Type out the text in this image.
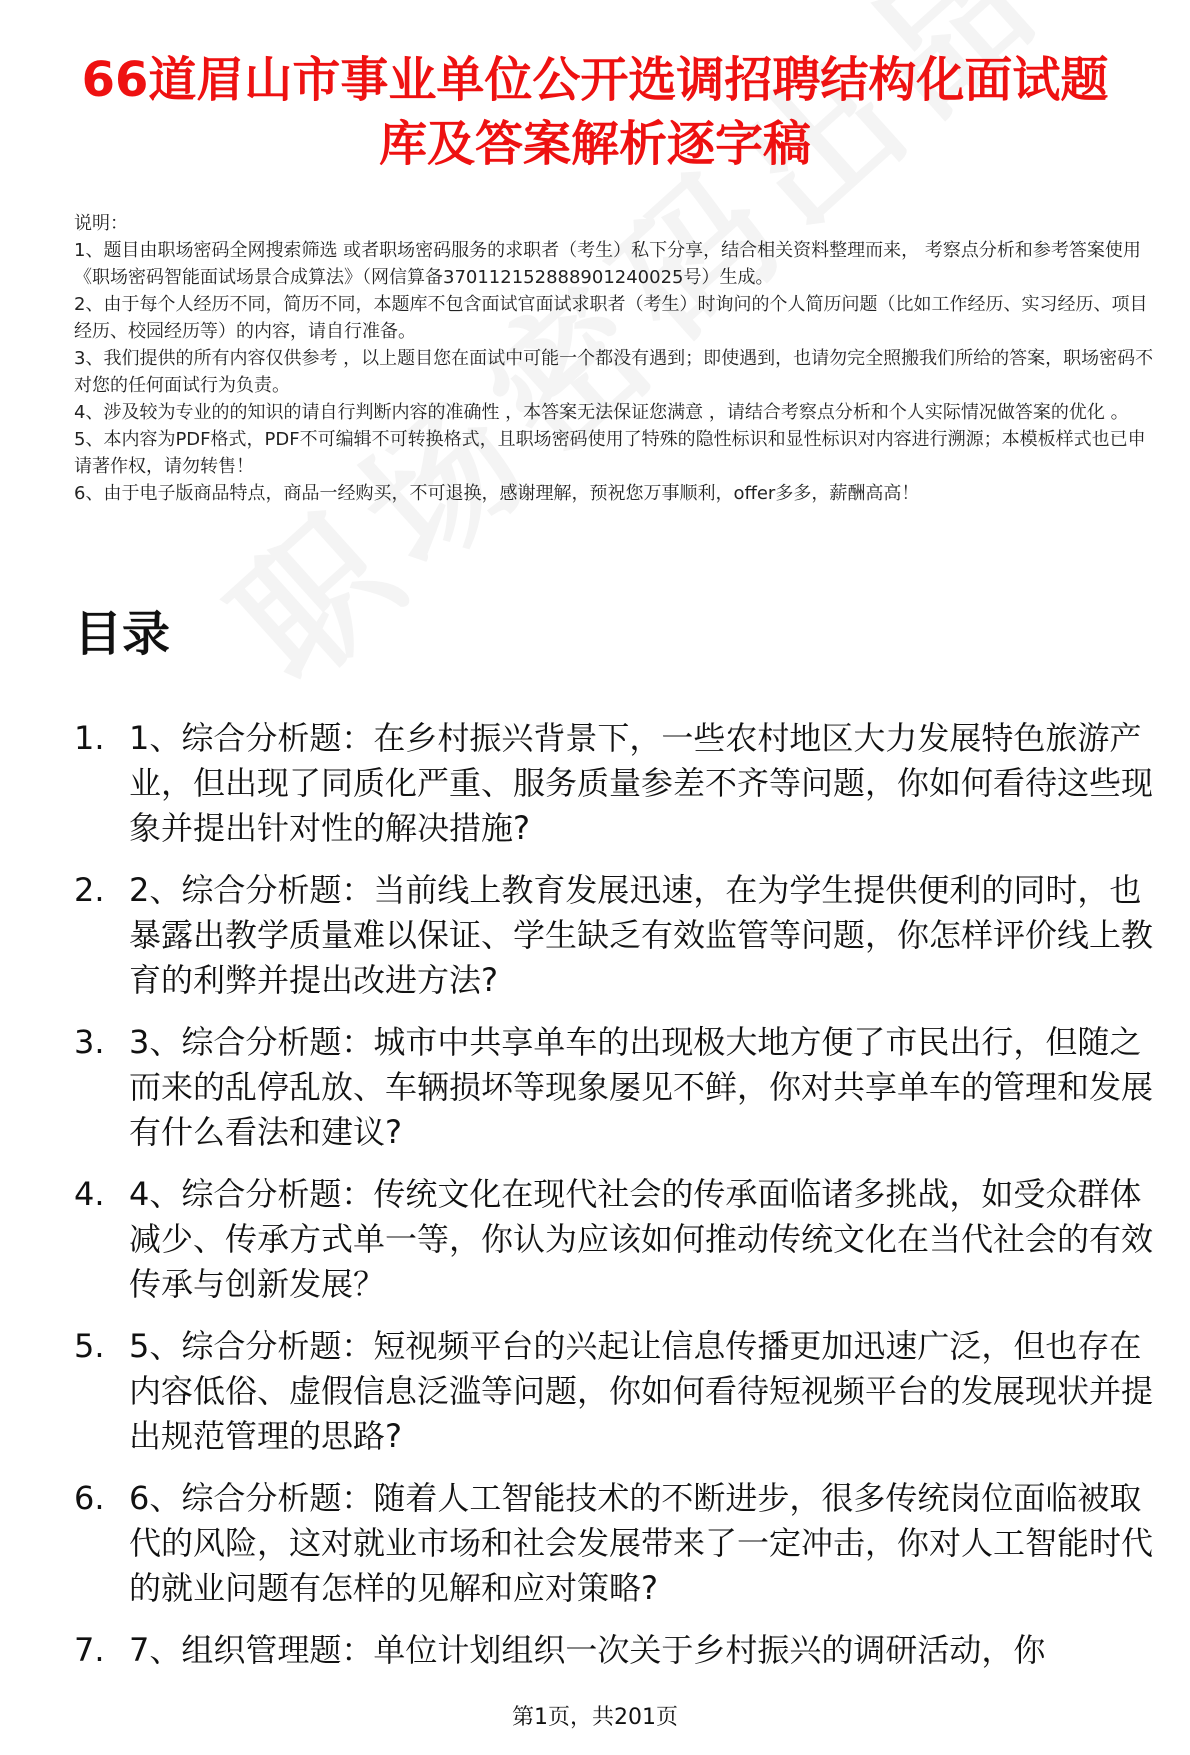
66道眉山市事业单位公开选调招聘结构化面试题库及答案解析逐字稿

说明：

1、题目由职场密码全网搜索筛选 或者职场密码服务的求职者（考生）私下分享，结合相关资料整理而来， 考察点分析和参考答案使用《职场密码智能面试场景合成算法》（网信算备370112152888901240025号）生成。

2、由于每个人经历不同，简历不同，本题库不包含面试官面试求职者（考生）时询问的个人简历问题（比如工作经历、实习经历、项目经历、校园经历等）的内容，请自行准备。

3、我们提供的所有内容仅供参考 ，以上题目您在面试中可能一个都没有遇到；即使遇到，也请勿完全照搬我们所给的答案，职场密码不对您的任何面试行为负责。

4、涉及较为专业的的知识的请自行判断内容的准确性 ，本答案无法保证您满意 ，请结合考察点分析和个人实际情况做答案的优化 。

5、本内容为PDF格式，PDF不可编辑不可转换格式，且职场密码使用了特殊的隐性标识和显性标识对内容进行溯源；本模板样式也已申请著作权，请勿转售！

6、由于电子版商品特点，商品一经购买，不可退换，感谢理解，预祝您万事顺利，offer多多，薪酬高高！

目录
1. 1、综合分析题：在乡村振兴背景下，一些农村地区大力发展特色旅游产业，但出现了同质化严重、服务质量参差不齐等问题，你如何看待这些现象并提出针对性的解决措施?
2. 2、综合分析题：当前线上教育发展迅速，在为学生提供便利的同时，也暴露出教学质量难以保证、学生缺乏有效监管等问题，你怎样评价线上教育的利弊并提出改进方法?
3. 3、综合分析题：城市中共享单车的出现极大地方便了市民出行，但随之而来的乱停乱放、车辆损坏等现象屡见不鲜，你对共享单车的管理和发展有什么看法和建议?
4. 4、综合分析题：传统文化在现代社会的传承面临诸多挑战，如受众群体减少、传承方式单一等，你认为应该如何推动传统文化在当代社会的有效传承与创新发展？
5. 5、综合分析题：短视频平台的兴起让信息传播更加迅速广泛，但也存在内容低俗、虚假信息泛滥等问题，你如何看待短视频平台的发展现状并提出规范管理的思路?
6. 6、综合分析题：随着人工智能技术的不断进步，很多传统岗位面临被取代的风险，这对就业市场和社会发展带来了一定冲击，你对人工智能时代的就业问题有怎样的见解和应对策略?
7. 7、组织管理题：单位计划组织一次关于乡村振兴的调研活动，你
第1页，共201页
